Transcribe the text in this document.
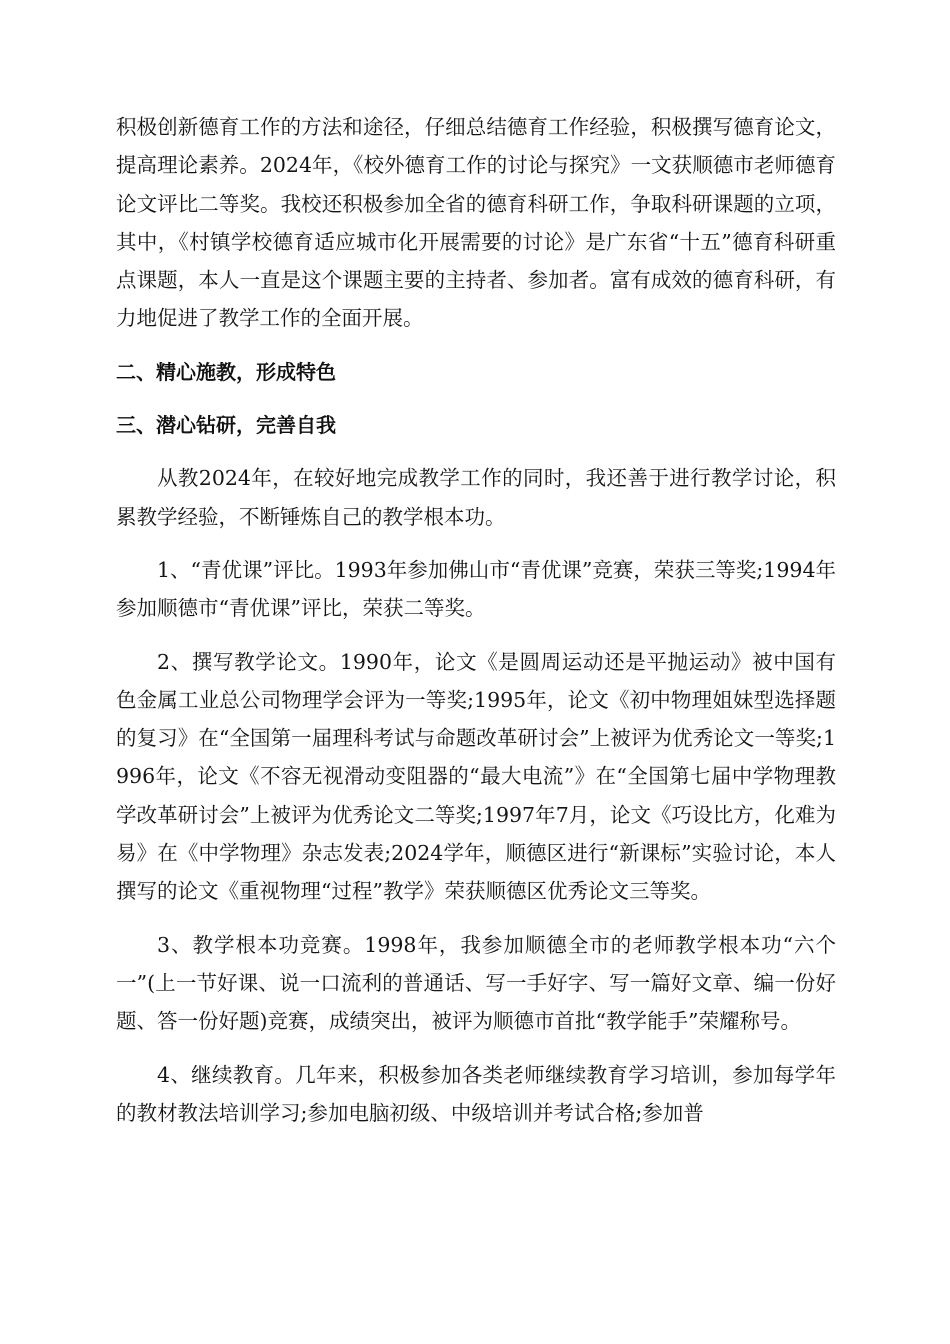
积极创新德育工作的方法和途径，仔细总结德育工作经验，积极撰写德育论文，提高理论素养。2024年，《校外德育工作的讨论与探究》一文获顺德市老师德育论文评比二等奖。我校还积极参加全省的德育科研工作，争取科研课题的立项，其中，《村镇学校德育适应城市化开展需要的讨论》是广东省“十五”德育科研重点课题，本人一直是这个课题主要的主持者、参加者。富有成效的德育科研，有力地促进了教学工作的全面开展。

二、精心施教，形成特色
三、潜心钻研，完善自我

从教2024年，在较好地完成教学工作的同时，我还善于进行教学讨论，积累教学经验，不断锤炼自己的教学根本功。

1、“青优课”评比。1993年参加佛山市“青优课”竞赛，荣获三等奖;1994年参加顺德市“青优课”评比，荣获二等奖。

2、撰写教学论文。1990年，论文《是圆周运动还是平抛运动》被中国有色金属工业总公司物理学会评为一等奖;1995年，论文《初中物理姐妹型选择题的复习》在“全国第一届理科考试与命题改革研讨会”上被评为优秀论文一等奖;1996年，论文《不容无视滑动变阻器的“最大电流”》在“全国第七届中学物理教学改革研讨会”上被评为优秀论文二等奖;1997年7月，论文《巧设比方，化难为易》在《中学物理》杂志发表;2024学年，顺德区进行“新课标”实验讨论，本人撰写的论文《重视物理“过程”教学》荣获顺德区优秀论文三等奖。

3、教学根本功竞赛。1998年，我参加顺德全市的老师教学根本功“六个一”(上一节好课、说一口流利的普通话、写一手好字、写一篇好文章、编一份好题、答一份好题)竞赛，成绩突出，被评为顺德市首批“教学能手”荣耀称号。

4、继续教育。几年来，积极参加各类老师继续教育学习培训，参加每学年的教材教法培训学习;参加电脑初级、中级培训并考试合格;参加普
